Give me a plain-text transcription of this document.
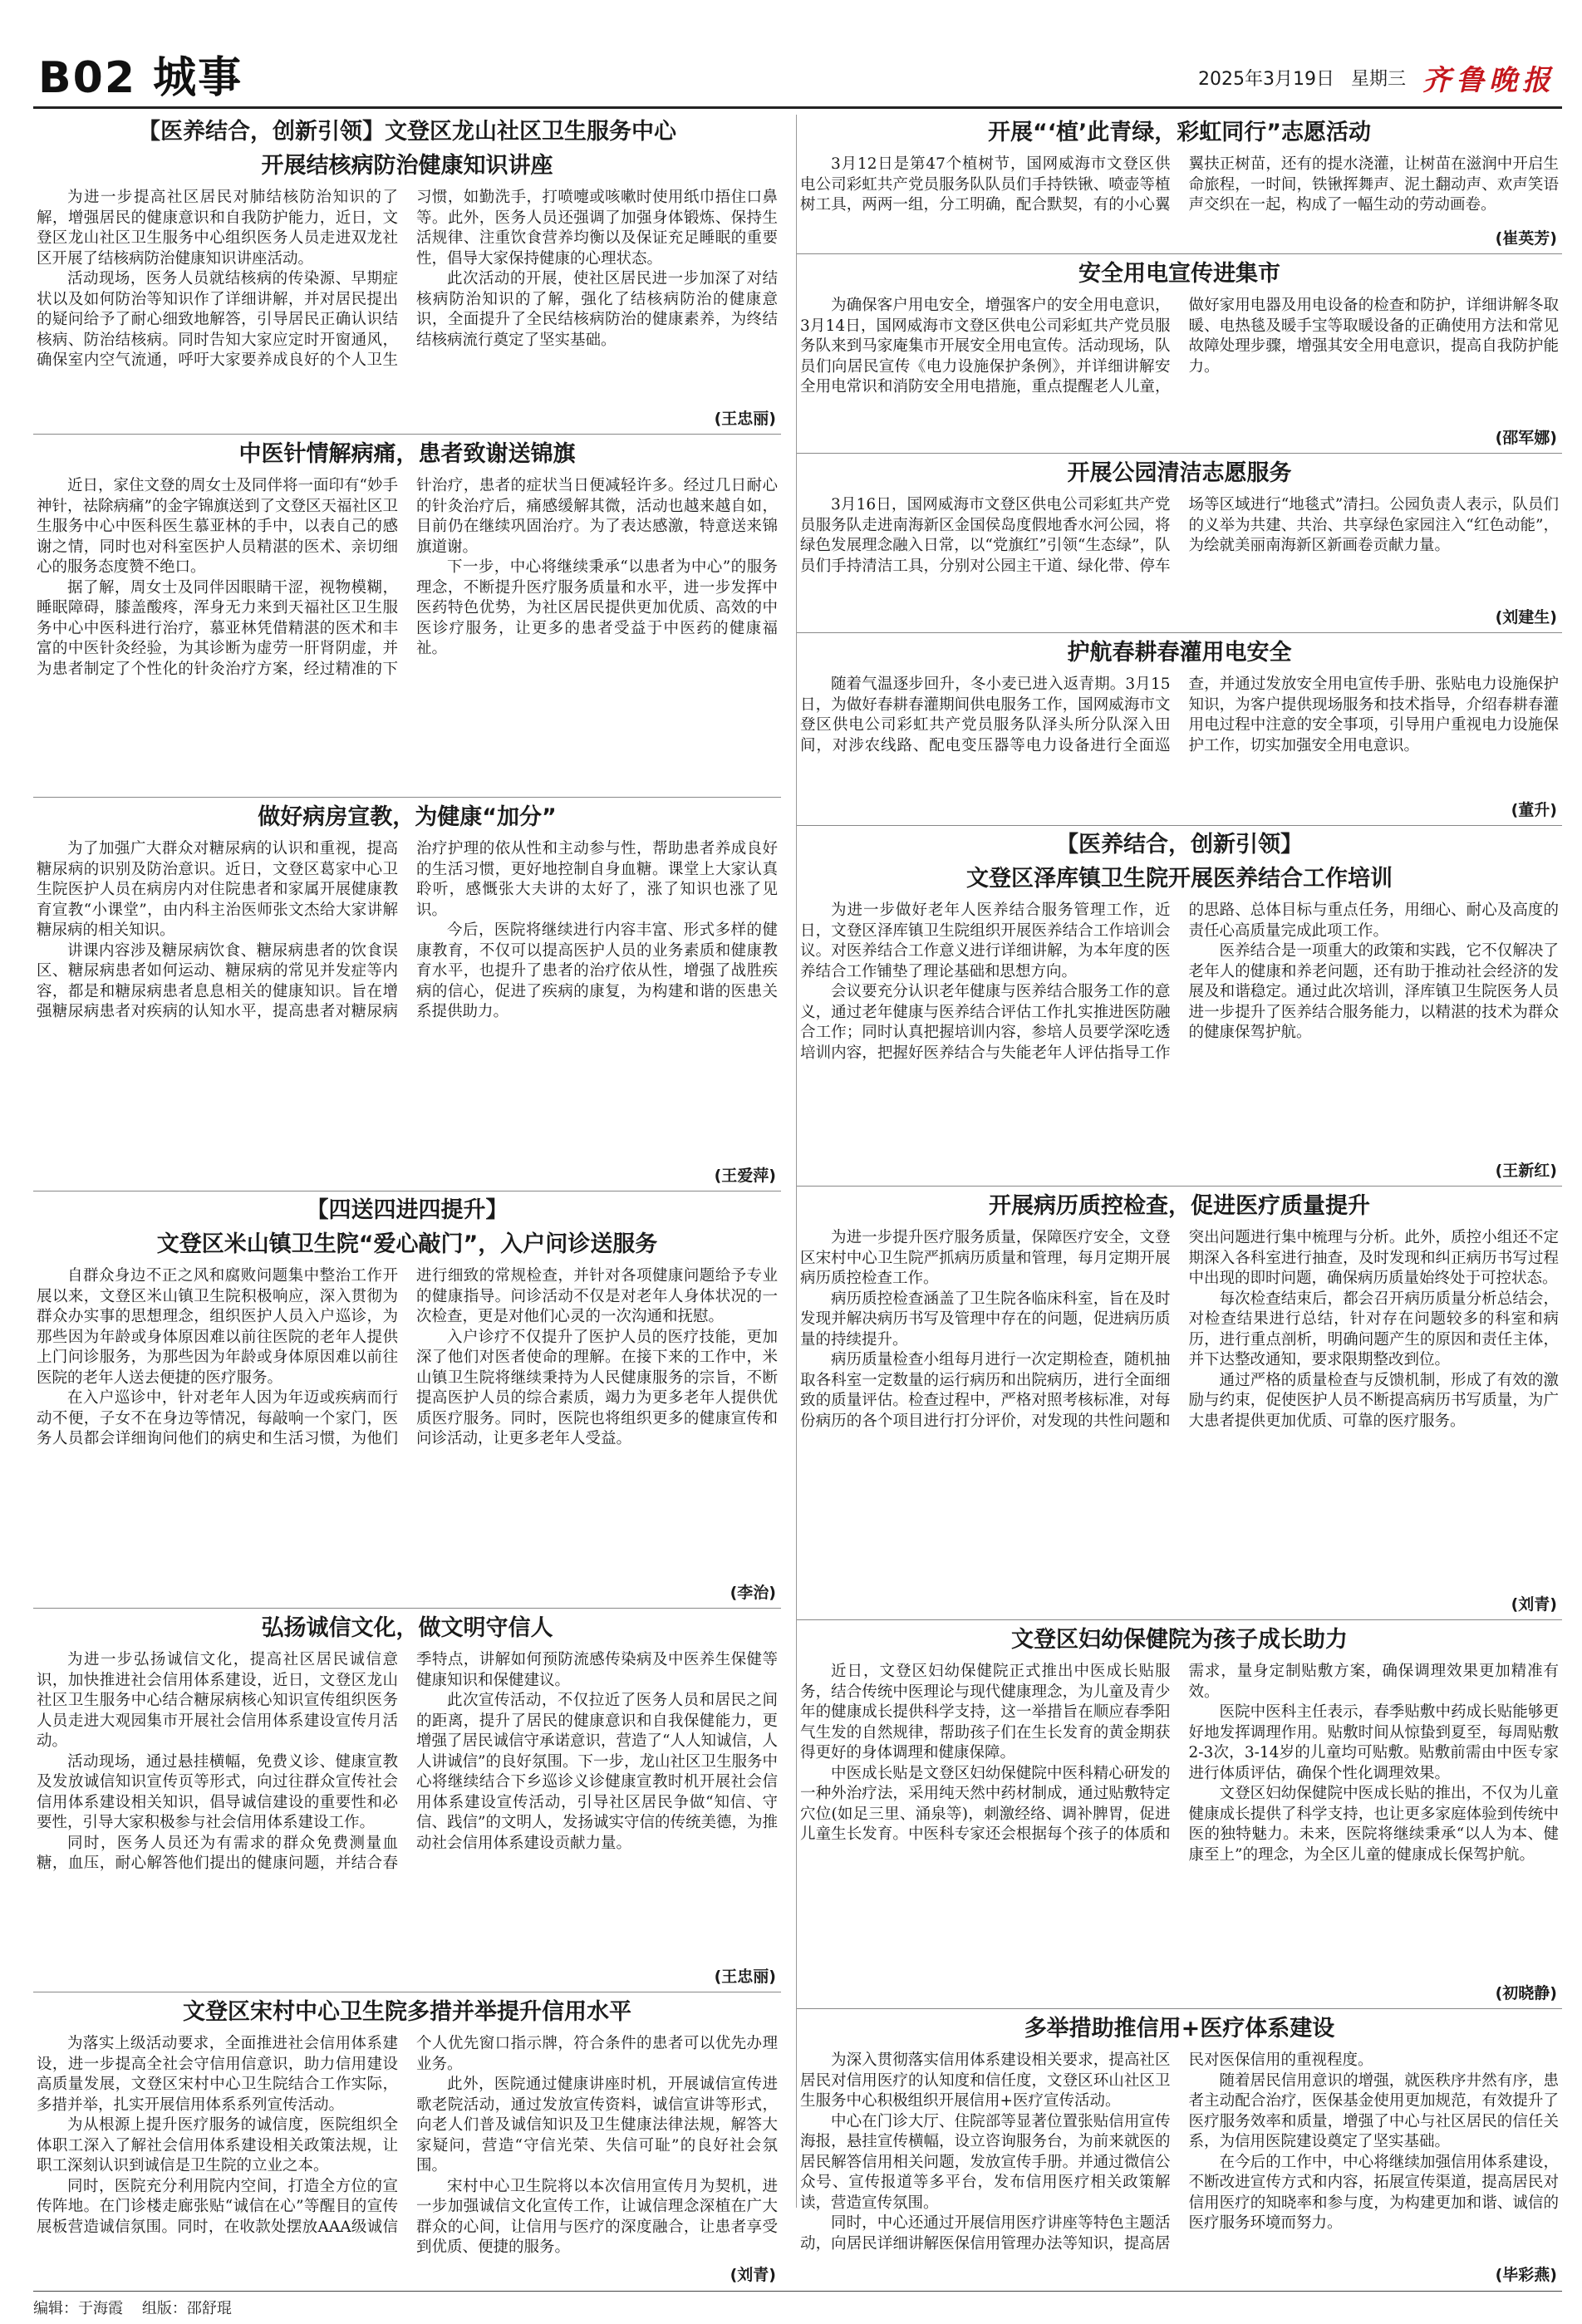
B02 城事	2025年3月19日 星期三 齐鲁晚报
【医养结合，创新引领】文登区龙山社区卫生服务中心
开展结核病防治健康知识讲座

为进一步提高社区居民对肺结核防治知识的了解，增强居民的健康意识和自我防护能力，近日，文登区龙山社区卫生服务中心组织医务人员走进双龙社区开展了结核病防治健康知识讲座活动。

活动现场，医务人员就结核病的传染源、早期症状以及如何防治等知识作了详细讲解，并对居民提出的疑问给予了耐心细致地解答，引导居民正确认识结核病、防治结核病。同时告知大家应定时开窗通风，确保室内空气流通，呼吁大家要养成良好的个人卫生习惯，如勤洗手，打喷嚏或咳嗽时使用纸巾捂住口鼻等。此外，医务人员还强调了加强身体锻炼、保持生活规律、注重饮食营养均衡以及保证充足睡眠的重要性，倡导大家保持健康的心理状态。

此次活动的开展，使社区居民进一步加深了对结核病防治知识的了解，强化了结核病防治的健康意识，全面提升了全民结核病防治的健康素养，为终结结核病流行奠定了坚实基础。

(王忠丽)
中医针情解病痛，患者致谢送锦旗

近日，家住文登的周女士及同伴将一面印有“妙手神针，祛除病痛”的金字锦旗送到了文登区天福社区卫生服务中心中医科医生慕亚林的手中，以表自己的感谢之情，同时也对科室医护人员精湛的医术、亲切细心的服务态度赞不绝口。

据了解，周女士及同伴因眼睛干涩，视物模糊，睡眠障碍，膝盖酸疼，浑身无力来到天福社区卫生服务中心中医科进行治疗，慕亚林凭借精湛的医术和丰富的中医针灸经验，为其诊断为虚劳一肝肾阴虚，并为患者制定了个性化的针灸治疗方案，经过精准的下针治疗，患者的症状当日便减轻许多。经过几日耐心的针灸治疗后，痛感缓解其微，活动也越来越自如，目前仍在继续巩固治疗。为了表达感激，特意送来锦旗道谢。

下一步，中心将继续秉承“以患者为中心”的服务理念，不断提升医疗服务质量和水平，进一步发挥中医药特色优势，为社区居民提供更加优质、高效的中医诊疗服务，让更多的患者受益于中医药的健康福祉。

做好病房宣教，为健康“加分”

为了加强广大群众对糖尿病的认识和重视，提高糖尿病的识别及防治意识。近日，文登区葛家中心卫生院医护人员在病房内对住院患者和家属开展健康教育宣教“小课堂”，由内科主治医师张文杰给大家讲解糖尿病的相关知识。

讲课内容涉及糖尿病饮食、糖尿病患者的饮食误区、糖尿病患者如何运动、糖尿病的常见并发症等内容，都是和糖尿病患者息息相关的健康知识。旨在增强糖尿病患者对疾病的认知水平，提高患者对糖尿病治疗护理的依从性和主动参与性，帮助患者养成良好的生活习惯，更好地控制自身血糖。课堂上大家认真聆听，感慨张大夫讲的太好了，涨了知识也涨了见识。

今后，医院将继续进行内容丰富、形式多样的健康教育，不仅可以提高医护人员的业务素质和健康教育水平，也提升了患者的治疗依从性，增强了战胜疾病的信心，促进了疾病的康复，为构建和谐的医患关系提供助力。

(王爱萍)
【四送四进四提升】
文登区米山镇卫生院“爱心敲门”，入户问诊送服务

自群众身边不正之风和腐败问题集中整治工作开展以来，文登区米山镇卫生院积极响应，深入贯彻为群众办实事的思想理念，组织医护人员入户巡诊，为那些因为年龄或身体原因难以前往医院的老年人提供上门问诊服务，为那些因为年龄或身体原因难以前往医院的老年人送去便捷的医疗服务。

在入户巡诊中，针对老年人因为年迈或疾病而行动不便，子女不在身边等情况，每敲响一个家门，医务人员都会详细询问他们的病史和生活习惯，为他们进行细致的常规检查，并针对各项健康问题给予专业的健康指导。问诊活动不仅是对老年人身体状况的一次检查，更是对他们心灵的一次沟通和抚慰。

入户诊疗不仅提升了医护人员的医疗技能，更加深了他们对医者使命的理解。在接下来的工作中，米山镇卫生院将继续秉持为人民健康服务的宗旨，不断提高医护人员的综合素质，竭力为更多老年人提供优质医疗服务。同时，医院也将组织更多的健康宣传和问诊活动，让更多老年人受益。

(李治)
弘扬诚信文化，做文明守信人

为进一步弘扬诚信文化，提高社区居民诚信意识，加快推进社会信用体系建设，近日，文登区龙山社区卫生服务中心结合糖尿病核心知识宣传组织医务人员走进大观园集市开展社会信用体系建设宣传月活动。

活动现场，通过悬挂横幅，免费义诊、健康宣教及发放诚信知识宣传页等形式，向过往群众宣传社会信用体系建设相关知识，倡导诚信建设的重要性和必要性，引导大家积极参与社会信用体系建设工作。

同时，医务人员还为有需求的群众免费测量血糖，血压，耐心解答他们提出的健康问题，并结合春季特点，讲解如何预防流感传染病及中医养生保健等健康知识和保健建议。

此次宣传活动，不仅拉近了医务人员和居民之间的距离，提升了居民的健康意识和自我保健能力，更增强了居民诚信守承诺意识，营造了“人人知诚信，人人讲诚信”的良好氛围。下一步，龙山社区卫生服务中心将继续结合下乡巡诊义诊健康宣教时机开展社会信用体系建设宣传活动，引导社区居民争做“知信、守信、践信”的文明人，发扬诚实守信的传统美德，为推动社会信用体系建设贡献力量。

(王忠丽)
文登区宋村中心卫生院多措并举提升信用水平

为落实上级活动要求，全面推进社会信用体系建设，进一步提高全社会守信用信意识，助力信用建设高质量发展，文登区宋村中心卫生院结合工作实际，多措并举，扎实开展信用体系系列宣传活动。

为从根源上提升医疗服务的诚信度，医院组织全体职工深入了解社会信用体系建设相关政策法规，让职工深刻认识到诚信是卫生院的立业之本。

同时，医院充分利用院内空间，打造全方位的宣传阵地。在门诊楼走廊张贴“诚信在心”等醒目的宣传展板营造诚信氛围。同时，在收款处摆放AAA级诚信个人优先窗口指示牌，符合条件的患者可以优先办理业务。

此外，医院通过健康讲座时机，开展诚信宣传进歌老院活动，通过发放宣传资料，诚信宣讲等形式，向老人们普及诚信知识及卫生健康法律法规，解答大家疑问，营造“守信光荣、失信可耻”的良好社会氛围。

宋村中心卫生院将以本次信用宣传月为契机，进一步加强诚信文化宣传工作，让诚信理念深植在广大群众的心间，让信用与医疗的深度融合，让患者享受到优质、便捷的服务。

(刘青)
开展“‘植’此青绿，彩虹同行”志愿活动

3月12日是第47个植树节，国网威海市文登区供电公司彩虹共产党员服务队队员们手持铁锹、喷壶等植树工具，两两一组，分工明确，配合默契，有的小心翼翼扶正树苗，还有的提水浇灌，让树苗在滋润中开启生命旅程，一时间，铁锹挥舞声、泥土翻动声、欢声笑语声交织在一起，构成了一幅生动的劳动画卷。

(崔英芳)
安全用电宣传进集市

为确保客户用电安全，增强客户的安全用电意识，3月14日，国网威海市文登区供电公司彩虹共产党员服务队来到马家庵集市开展安全用电宣传。活动现场，队员们向居民宣传《电力设施保护条例》，并详细讲解安全用电常识和消防安全用电措施，重点提醒老人儿童，做好家用电器及用电设备的检查和防护，详细讲解冬取暖、电热毯及暖手宝等取暖设备的正确使用方法和常见故障处理步骤，增强其安全用电意识，提高自我防护能力。

(邵军娜)
开展公园清洁志愿服务

3月16日，国网威海市文登区供电公司彩虹共产党员服务队走进南海新区金国侯岛度假地香水河公园，将绿色发展理念融入日常，以“党旗红”引领“生态绿”，队员们手持清洁工具，分别对公园主干道、绿化带、停车场等区域进行“地毯式”清扫。公园负责人表示，队员们的义举为共建、共治、共享绿色家园注入“红色动能”，为绘就美丽南海新区新画卷贡献力量。

(刘建生)
护航春耕春灌用电安全

随着气温逐步回升，冬小麦已进入返青期。3月15日，为做好春耕春灌期间供电服务工作，国网威海市文登区供电公司彩虹共产党员服务队泽头所分队深入田间，对涉农线路、配电变压器等电力设备进行全面巡查，并通过发放安全用电宣传手册、张贴电力设施保护知识，为客户提供现场服务和技术指导，介绍春耕春灌用电过程中注意的安全事项，引导用户重视电力设施保护工作，切实加强安全用电意识。

(董升)
【医养结合，创新引领】
文登区泽库镇卫生院开展医养结合工作培训

为进一步做好老年人医养结合服务管理工作，近日，文登区泽库镇卫生院组织开展医养结合工作培训会议。对医养结合工作意义进行详细讲解，为本年度的医养结合工作铺垫了理论基础和思想方向。

会议要充分认识老年健康与医养结合服务工作的意义，通过老年健康与医养结合评估工作扎实推进医防融合工作；同时认真把握培训内容，参培人员要学深吃透培训内容，把握好医养结合与失能老年人评估指导工作的思路、总体目标与重点任务，用细心、耐心及高度的责任心高质量完成此项工作。

医养结合是一项重大的政策和实践，它不仅解决了老年人的健康和养老问题，还有助于推动社会经济的发展及和谐稳定。通过此次培训，泽库镇卫生院医务人员进一步提升了医养结合服务能力，以精湛的技术为群众的健康保驾护航。

(王新红)
开展病历质控检查，促进医疗质量提升

为进一步提升医疗服务质量，保障医疗安全，文登区宋村中心卫生院严抓病历质量和管理，每月定期开展病历质控检查工作。

病历质控检查涵盖了卫生院各临床科室，旨在及时发现并解决病历书写及管理中存在的问题，促进病历质量的持续提升。

病历质量检查小组每月进行一次定期检查，随机抽取各科室一定数量的运行病历和出院病历，进行全面细致的质量评估。检查过程中，严格对照考核标准，对每份病历的各个项目进行打分评价，对发现的共性问题和突出问题进行集中梳理与分析。此外，质控小组还不定期深入各科室进行抽查，及时发现和纠正病历书写过程中出现的即时问题，确保病历质量始终处于可控状态。

每次检查结束后，都会召开病历质量分析总结会，对检查结果进行总结，针对存在问题较多的科室和病历，进行重点剖析，明确问题产生的原因和责任主体，并下达整改通知，要求限期整改到位。

通过严格的质量检查与反馈机制，形成了有效的激励与约束，促使医护人员不断提高病历书写质量，为广大患者提供更加优质、可靠的医疗服务。

(刘青)
文登区妇幼保健院为孩子成长助力

近日，文登区妇幼保健院正式推出中医成长贴服务，结合传统中医理论与现代健康理念，为儿童及青少年的健康成长提供科学支持，这一举措旨在顺应春季阳气生发的自然规律，帮助孩子们在生长发育的黄金期获得更好的身体调理和健康保障。

中医成长贴是文登区妇幼保健院中医科精心研发的一种外治疗法，采用纯天然中药材制成，通过贴敷特定穴位(如足三里、涌泉等)，刺激经络、调补脾胃，促进儿童生长发育。中医科专家还会根据每个孩子的体质和需求，量身定制贴敷方案，确保调理效果更加精准有效。

医院中医科主任表示，春季贴敷中药成长贴能够更好地发挥调理作用。贴敷时间从惊蛰到夏至，每周贴敷2-3次，3-14岁的儿童均可贴敷。贴敷前需由中医专家进行体质评估，确保个性化调理效果。

文登区妇幼保健院中医成长贴的推出，不仅为儿童健康成长提供了科学支持，也让更多家庭体验到传统中医的独特魅力。未来，医院将继续秉承“以人为本、健康至上”的理念，为全区儿童的健康成长保驾护航。

(初晓静)
多举措助推信用+医疗体系建设

为深入贯彻落实信用体系建设相关要求，提高社区居民对信用医疗的认知度和信任度，文登区环山社区卫生服务中心积极组织开展信用+医疗宣传活动。

中心在门诊大厅、住院部等显著位置张贴信用宣传海报，悬挂宣传横幅，设立咨询服务台，为前来就医的居民解答信用相关问题，发放宣传手册。并通过微信公众号、宣传报道等多平台，发布信用医疗相关政策解读，营造宣传氛围。

同时，中心还通过开展信用医疗讲座等特色主题活动，向居民详细讲解医保信用管理办法等知识，提高居民对医保信用的重视程度。

随着居民信用意识的增强，就医秩序井然有序，患者主动配合治疗，医保基金使用更加规范，有效提升了医疗服务效率和质量，增强了中心与社区居民的信任关系，为信用医院建设奠定了坚实基础。

在今后的工作中，中心将继续加强信用体系建设，不断改进宣传方式和内容，拓展宣传渠道，提高居民对信用医疗的知晓率和参与度，为构建更加和谐、诚信的医疗服务环境而努力。

(毕彩燕)
编辑：于海霞 组版：邵舒琨
